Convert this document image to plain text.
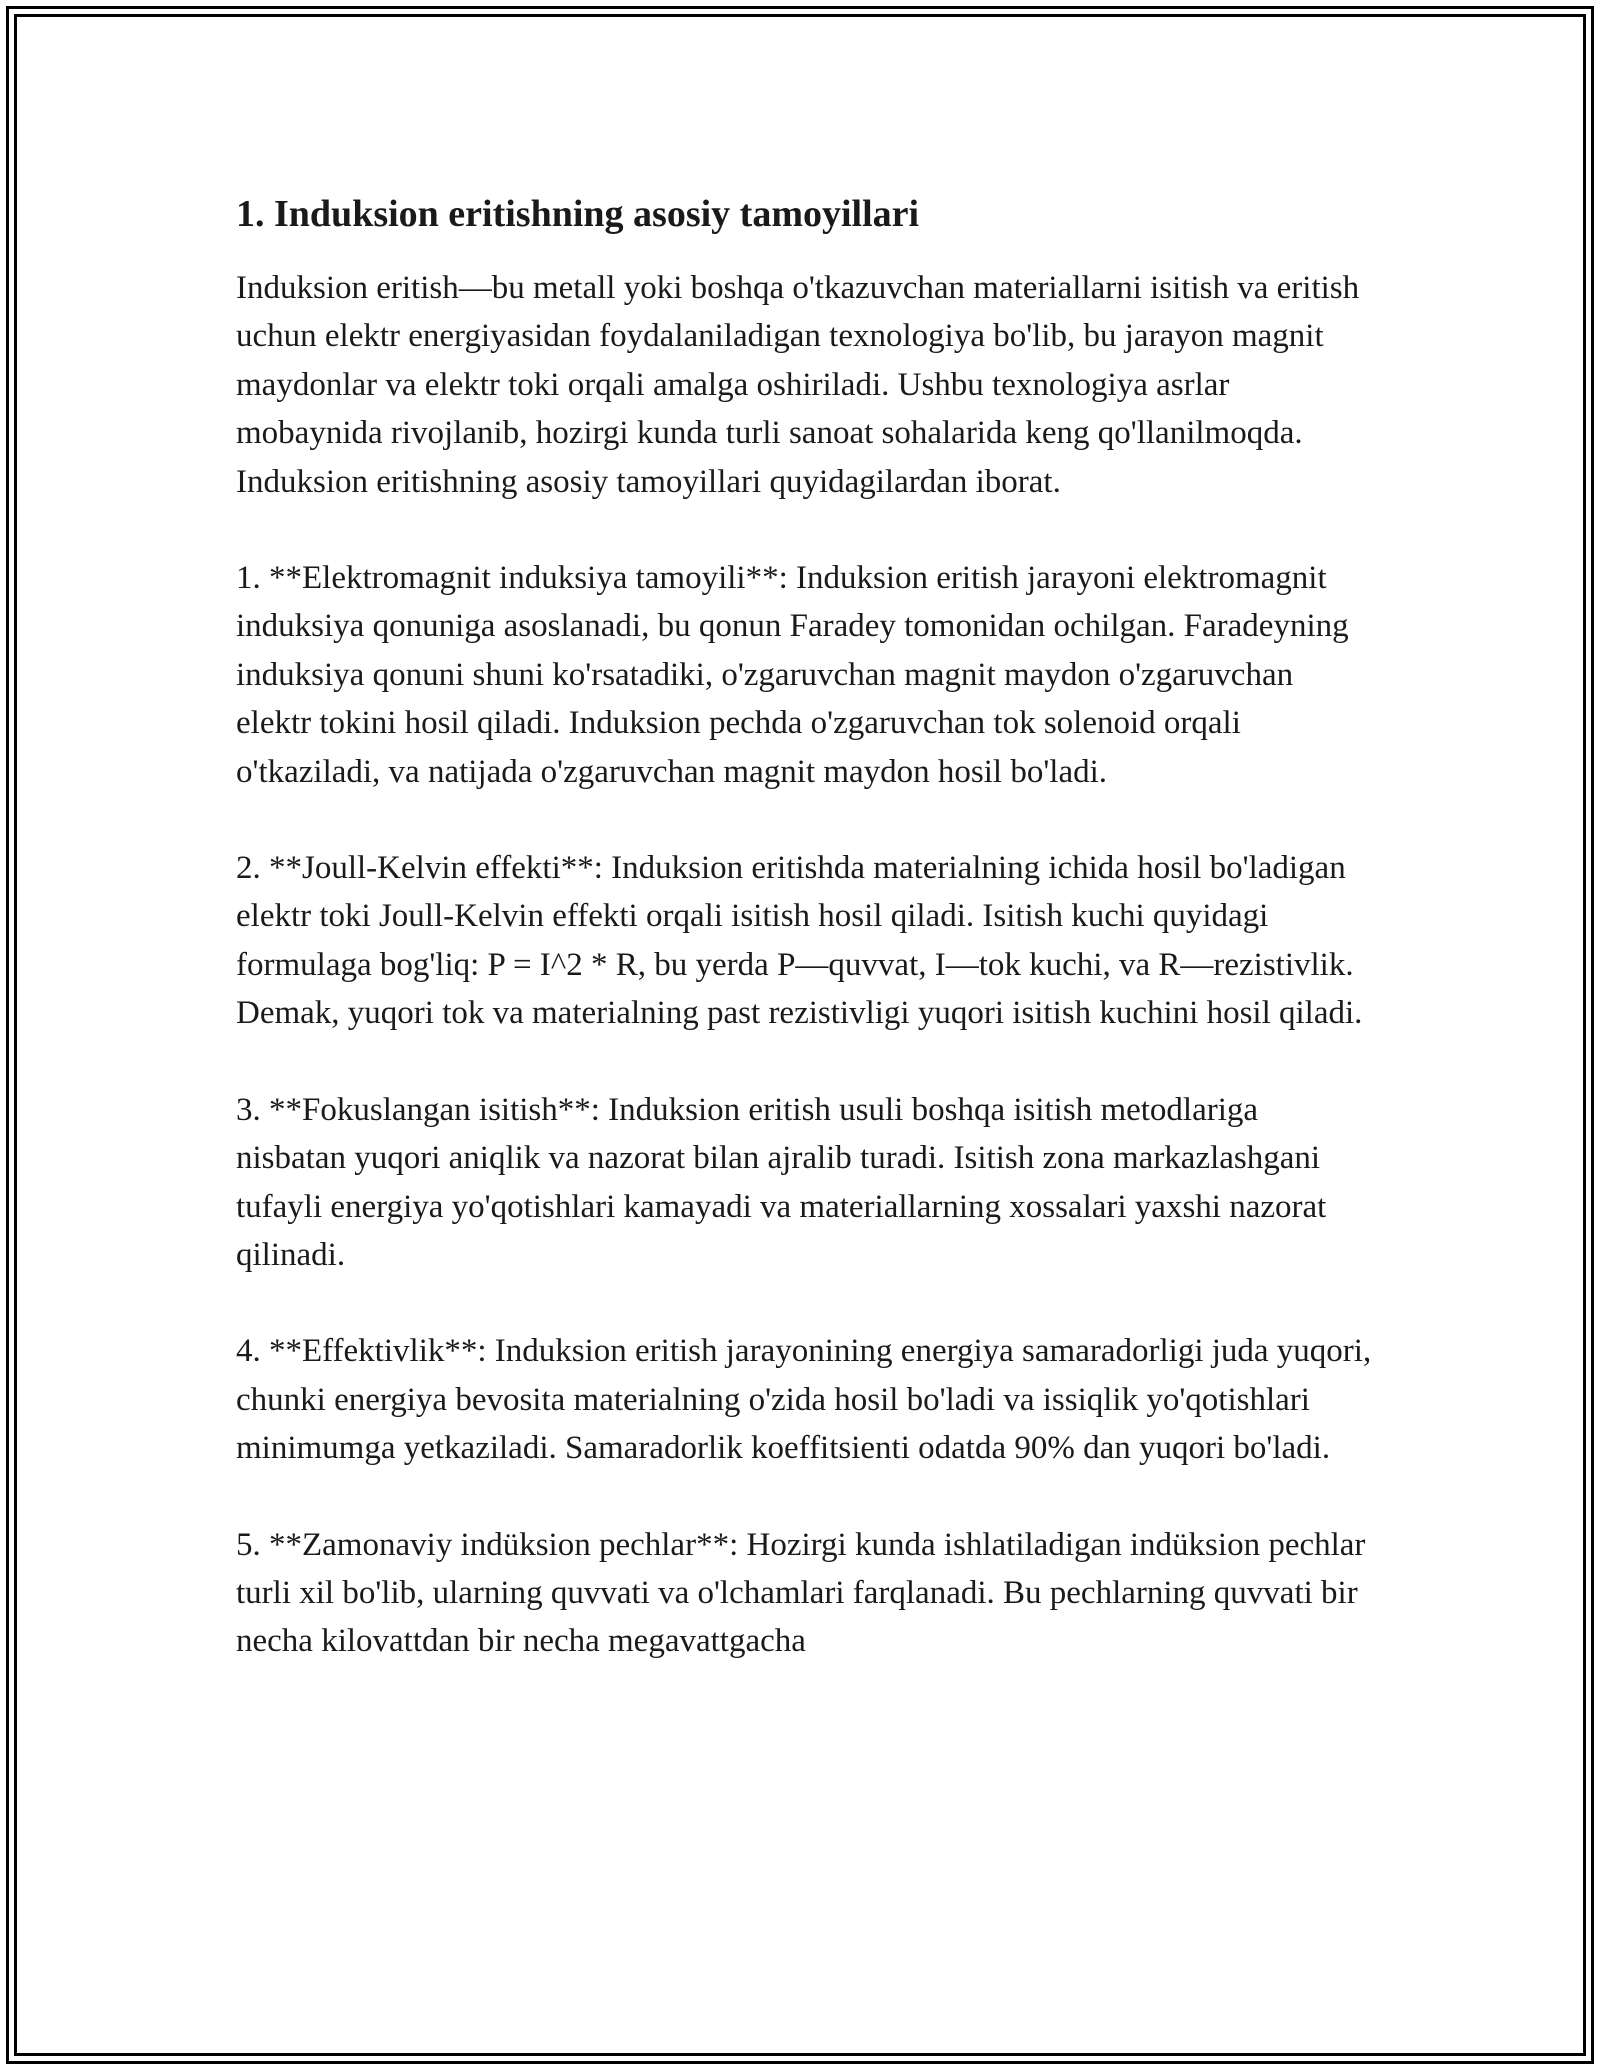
1. Induksion eritishning asosiy tamoyillari

Induksion eritish—bu metall yoki boshqa o'tkazuvchan materiallarni isitish va eritish uchun elektr energiyasidan foydalaniladigan texnologiya bo'lib, bu jarayon magnit maydonlar va elektr toki orqali amalga oshiriladi. Ushbu texnologiya asrlar mobaynida rivojlanib, hozirgi kunda turli sanoat sohalarida keng qo'llanilmoqda. Induksion eritishning asosiy tamoyillari quyidagilardan iborat.

1. **Elektromagnit induksiya tamoyili**: Induksion eritish jarayoni elektromagnit induksiya qonuniga asoslanadi, bu qonun Faradey tomonidan ochilgan. Faradeyning induksiya qonuni shuni ko'rsatadiki, o'zgaruvchan magnit maydon o'zgaruvchan elektr tokini hosil qiladi. Induksion pechda o'zgaruvchan tok solenoid orqali o'tkaziladi, va natijada o'zgaruvchan magnit maydon hosil bo'ladi.

2. **Joull-Kelvin effekti**: Induksion eritishda materialning ichida hosil bo'ladigan elektr toki Joull-Kelvin effekti orqali isitish hosil qiladi. Isitish kuchi quyidagi formulaga bog'liq: P = I^2 * R, bu yerda P—quvvat, I—tok kuchi, va R—rezistivlik. Demak, yuqori tok va materialning past rezistivligi yuqori isitish kuchini hosil qiladi.

3. **Fokuslangan isitish**: Induksion eritish usuli boshqa isitish metodlariga nisbatan yuqori aniqlik va nazorat bilan ajralib turadi. Isitish zona markazlashgani tufayli energiya yo'qotishlari kamayadi va materiallarning xossalari yaxshi nazorat qilinadi.

4. **Effektivlik**: Induksion eritish jarayonining energiya samaradorligi juda yuqori, chunki energiya bevosita materialning o'zida hosil bo'ladi va issiqlik yo'qotishlari minimumga yetkaziladi. Samaradorlik koeffitsienti odatda 90% dan yuqori bo'ladi.

5. **Zamonaviy indüksion pechlar**: Hozirgi kunda ishlatiladigan indüksion pechlar turli xil bo'lib, ularning quvvati va o'lchamlari farqlanadi. Bu pechlarning quvvati bir necha kilovattdan bir necha megavattgacha
